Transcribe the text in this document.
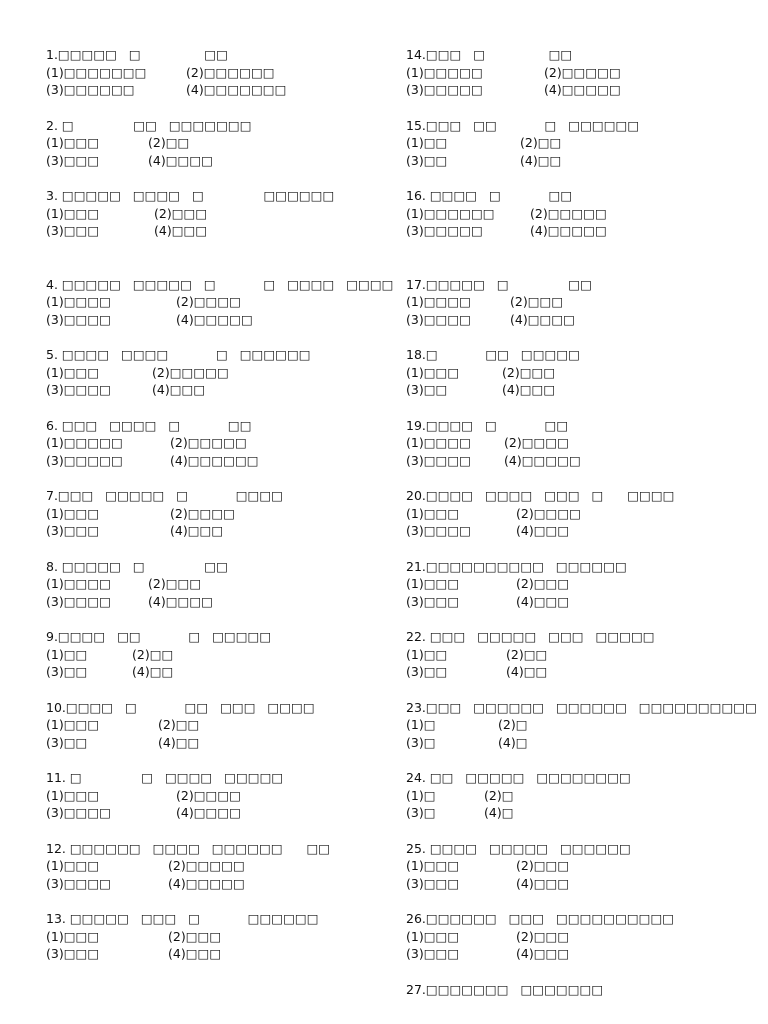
1.□□□□□   □                □□
(1)□□□□□□□	(2)□□□□□□
(3)□□□□□□	(4)□□□□□□□
2. □               □□   □□□□□□□
(1)□□□	(2)□□
(3)□□□	(4)□□□□
3. □□□□□   □□□□   □               □□□□□□
(1)□□□	(2)□□□
(3)□□□	(4)□□□
4. □□□□□   □□□□□   □            □   □□□□   □□□□
(1)□□□□	(2)□□□□
(3)□□□□	(4)□□□□□
5. □□□□   □□□□            □   □□□□□□
(1)□□□	(2)□□□□□
(3)□□□□	(4)□□□
6. □□□   □□□□   □            □□
(1)□□□□□	(2)□□□□□
(3)□□□□□	(4)□□□□□□
7.□□□   □□□□□   □            □□□□
(1)□□□	(2)□□□□
(3)□□□	(4)□□□
8. □□□□□   □               □□
(1)□□□□	(2)□□□
(3)□□□□	(4)□□□□
9.□□□□   □□            □   □□□□□
(1)□□	(2)□□
(3)□□	(4)□□
10.□□□□   □            □□   □□□   □□□□
(1)□□□	(2)□□
(3)□□	(4)□□
11. □               □   □□□□   □□□□□
(1)□□□	(2)□□□□
(3)□□□□	(4)□□□□
12. □□□□□□   □□□□   □□□□□□      □□
(1)□□□	(2)□□□□□
(3)□□□□	(4)□□□□□
13. □□□□□   □□□   □            □□□□□□
(1)□□□	(2)□□□
(3)□□□	(4)□□□
14.□□□   □                □□
(1)□□□□□	(2)□□□□□
(3)□□□□□	(4)□□□□□
15.□□□   □□            □   □□□□□□
(1)□□	(2)□□
(3)□□	(4)□□
16. □□□□   □            □□
(1)□□□□□□	(2)□□□□□
(3)□□□□□	(4)□□□□□
17.□□□□□   □               □□
(1)□□□□	(2)□□□
(3)□□□□	(4)□□□□
18.□            □□   □□□□□
(1)□□□	(2)□□□
(3)□□	(4)□□□
19.□□□□   □            □□
(1)□□□□	(2)□□□□
(3)□□□□	(4)□□□□□
20.□□□□   □□□□   □□□   □      □□□□
(1)□□□	(2)□□□□
(3)□□□□	(4)□□□
21.□□□□□□□□□□   □□□□□□
(1)□□□	(2)□□□
(3)□□□	(4)□□□
22. □□□   □□□□□   □□□   □□□□□
(1)□□	(2)□□
(3)□□	(4)□□
23.□□□   □□□□□□   □□□□□□   □□□□□□□□□□
(1)□	(2)□
(3)□	(4)□
24. □□   □□□□□   □□□□□□□□
(1)□	(2)□
(3)□	(4)□
25. □□□□   □□□□□   □□□□□□
(1)□□□	(2)□□□
(3)□□□	(4)□□□
26.□□□□□□   □□□   □□□□□□□□□□
(1)□□□	(2)□□□
(3)□□□	(4)□□□
27.□□□□□□□   □□□□□□□
